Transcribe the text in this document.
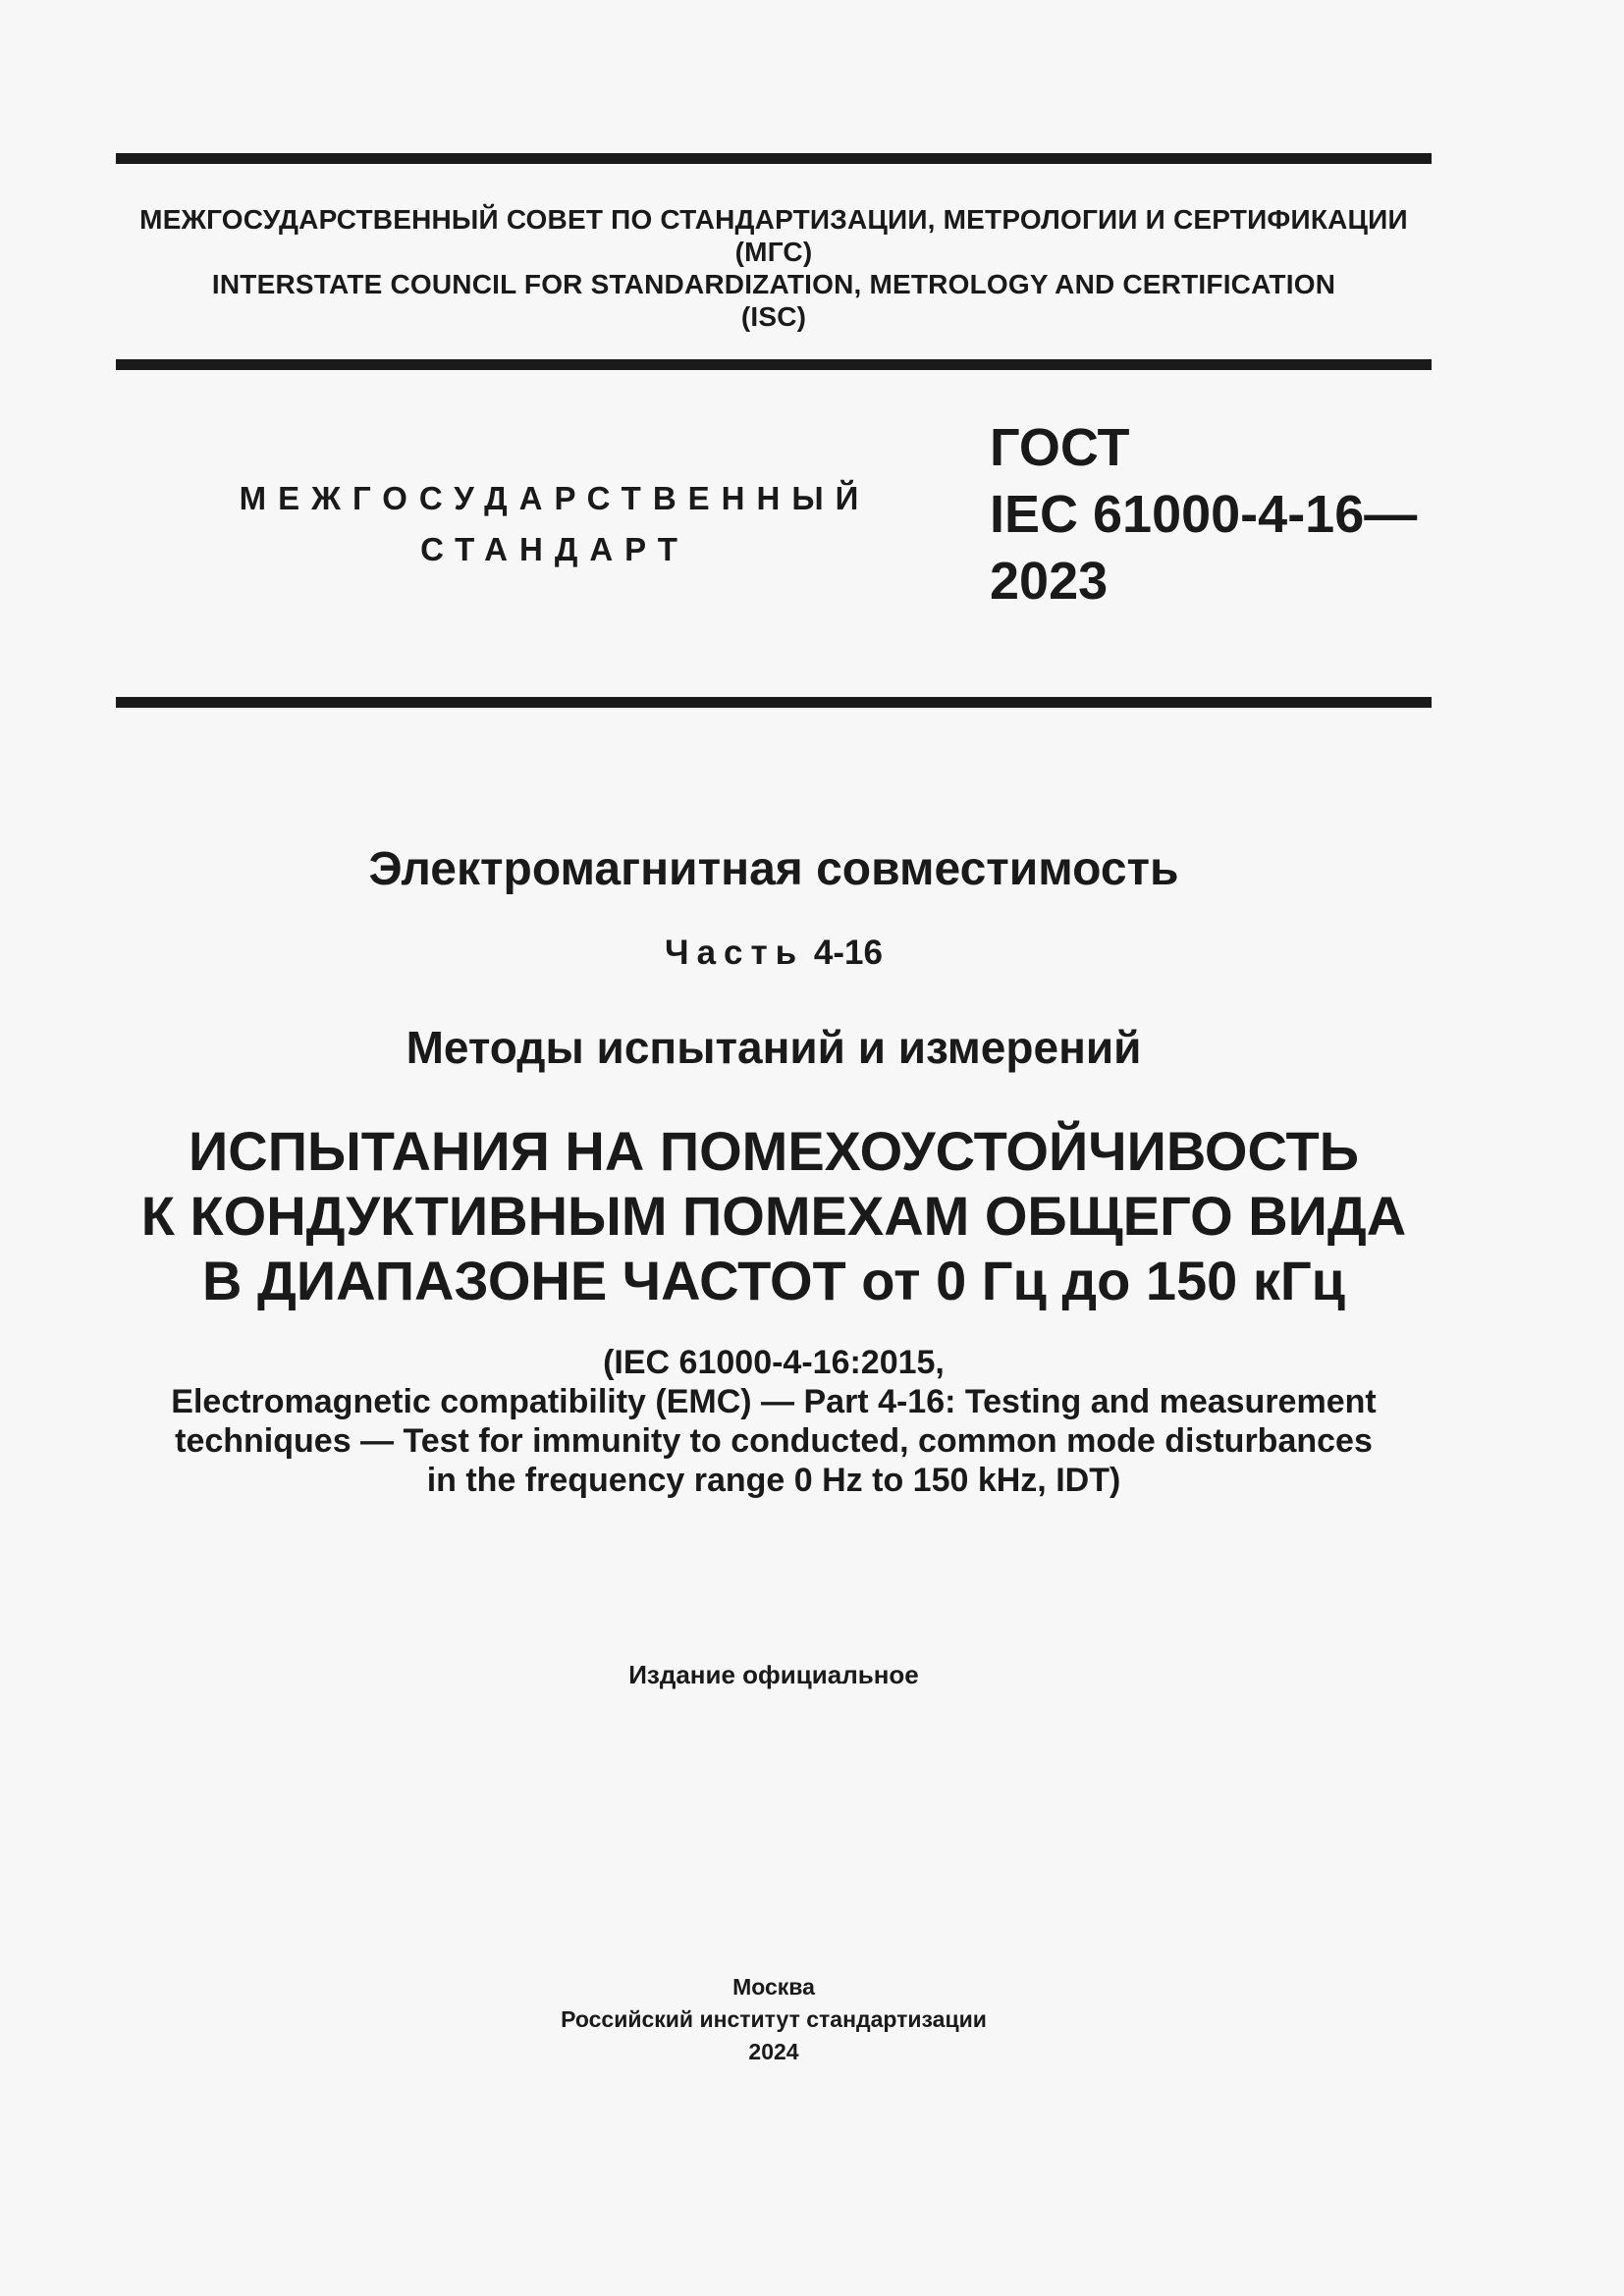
МЕЖГОСУДАРСТВЕННЫЙ СОВЕТ ПО СТАНДАРТИЗАЦИИ, МЕТРОЛОГИИ И СЕРТИФИКАЦИИ
(МГС)
INTERSTATE COUNCIL FOR STANDARDIZATION, METROLOGY AND CERTIFICATION
(ISC)
МЕЖГОСУДАРСТВЕННЫЙ
СТАНДАРТ
ГОСТ
IEC 61000-4-16—
2023
Электромагнитная совместимость
Часть 4-16
Методы испытаний и измерений
ИСПЫТАНИЯ НА ПОМЕХОУСТОЙЧИВОСТЬ
К КОНДУКТИВНЫМ ПОМЕХАМ ОБЩЕГО ВИДА
В ДИАПАЗОНЕ ЧАСТОТ от 0 Гц до 150 кГц
(IEC 61000-4-16:2015,
Electromagnetic compatibility (EMC) — Part 4-16: Testing and measurement
techniques — Test for immunity to conducted, common mode disturbances
in the frequency range 0 Hz to 150 kHz, IDT)
Издание официальное
Москва
Российский институт стандартизации
2024
